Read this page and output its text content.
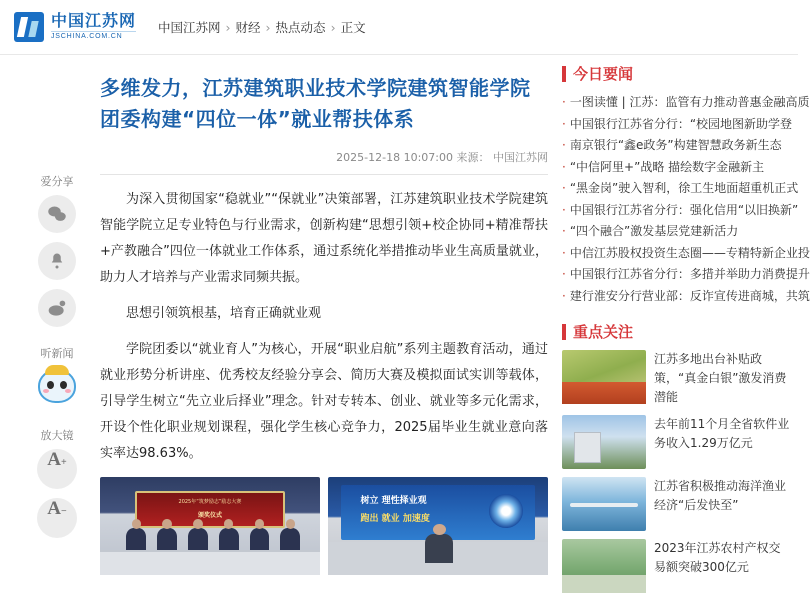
中国江苏网
JSCHINA.COM.CN
中国江苏网 › 财经 › 热点动态 › 正文
爱分享
听新闻
放大镜
A +
A −
多维发力，江苏建筑职业技术学院建筑智能学院团委构建“四位一体”就业帮扶体系
2025-12-18 10:07:00 来源： 中国江苏网

为深入贯彻国家“稳就业”“保就业”决策部署，江苏建筑职业技术学院建筑智能学院立足专业特色与行业需求，创新构建“思想引领+校企协同+精准帮扶+产教融合”四位一体就业工作体系，通过系统化举措推动毕业生高质量就业，助力人才培养与产业需求同频共振。

思想引领筑根基，培育正确就业观

学院团委以“就业育人”为核心，开展“职业启航”系列主题教育活动，通过就业形势分析讲座、优秀校友经验分享会、简历大赛及模拟面试实训等载体，引导学生树立“先立业后择业”理念。针对专转本、创业、就业等多元化需求，开设个性化职业规划课程，强化学生核心竞争力，2025届毕业生就业意向落实率达98.63%。

2025年“筑梦励志”励志大赛
颁奖仪式
树立 理性择业观
跑出 就业 加速度
今日要闻
· 一图读懂 | 江苏：监管有力推动普惠金融高质
· 中国银行江苏省分行：“校园地图新助学登
· 南京银行“鑫e政务”构建智慧政务新生态
· “中信阿里+”战略 描绘数字金融新主
· “黑金岗”驶入智利，徐工生地面超重机正式
· 中国银行江苏省分行：强化信用“以旧换新”
· “四个融合”激发基层党建新活力
· 中信江苏股权投资生态圈——专精特新企业投
· 中国银行江苏省分行：多措并举助力消费提升
· 建行淮安分行营业部：反诈宣传进商城，共筑
重点关注
江苏多地出台补贴政策，“真金白银”激发消费潜能
去年前11个月全省软件业务收入1.29万亿元
江苏省积极推动海洋渔业经济“后发快至”
2023年江苏农村产权交易额突破300亿元
